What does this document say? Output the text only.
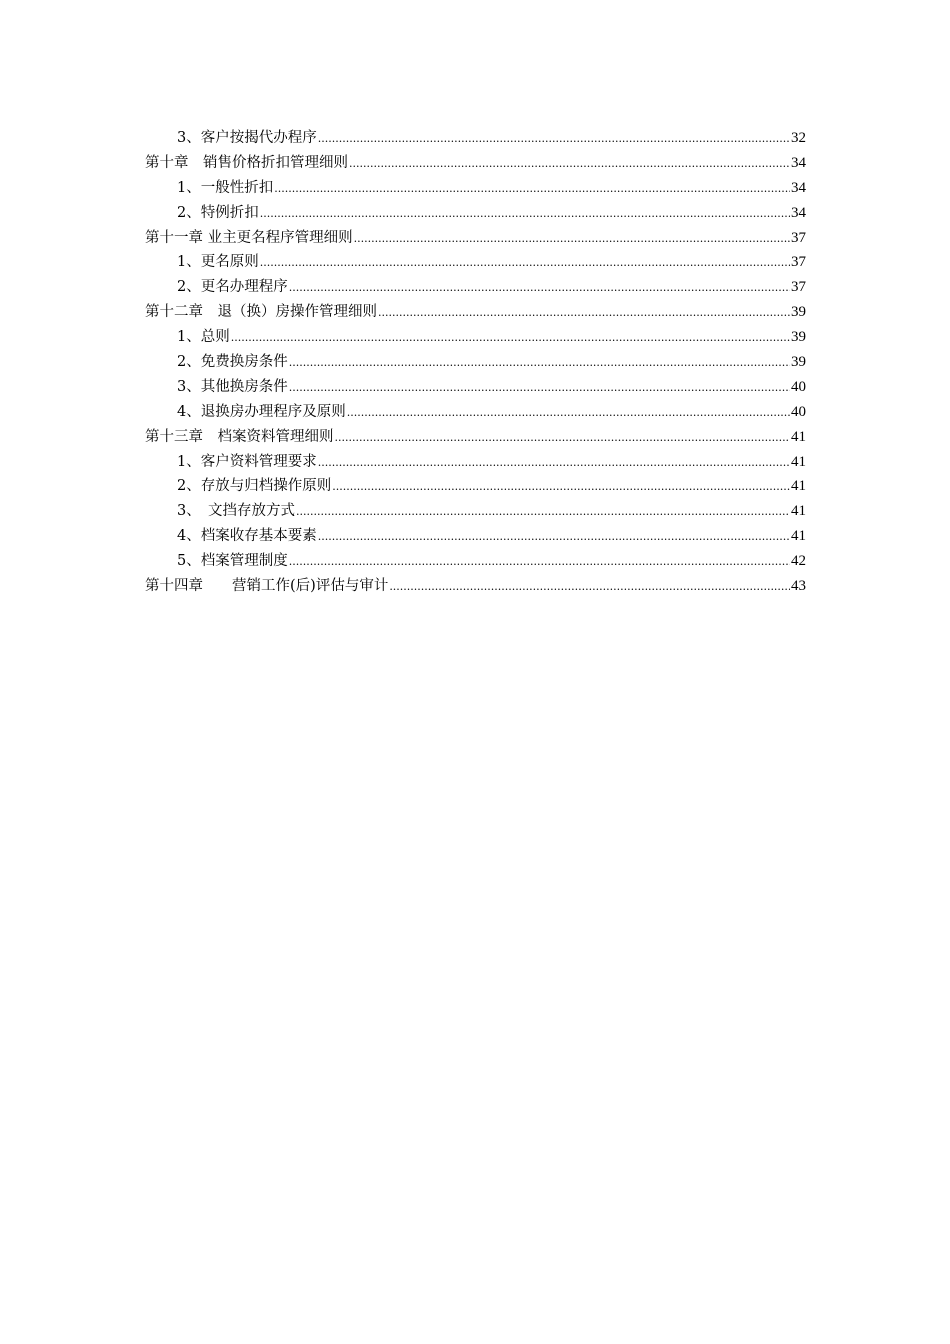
3、客户按揭代办程序 .....	32
第十章　销售价格折扣管理细则 .....	34
1、一般性折扣 .....	34
2、特例折扣 .....	34
第十一章 业主更名程序管理细则 .....	37
1、更名原则 .....	37
2、更名办理程序 .....	37
第十二章　退（换）房操作管理细则 .....	39
1、总则 .....	39
2、免费换房条件 .....	39
3、其他换房条件 .....	40
4、退换房办理程序及原则 .....	40
第十三章　档案资料管理细则 .....	41
1、客户资料管理要求 .....	41
2、存放与归档操作原则 .....	41
3、　文挡存放方式 .....	41
4、档案收存基本要素 .....	41
5、档案管理制度 .....	42
第十四章　　营销工作(后)评估与审计 .....	43
